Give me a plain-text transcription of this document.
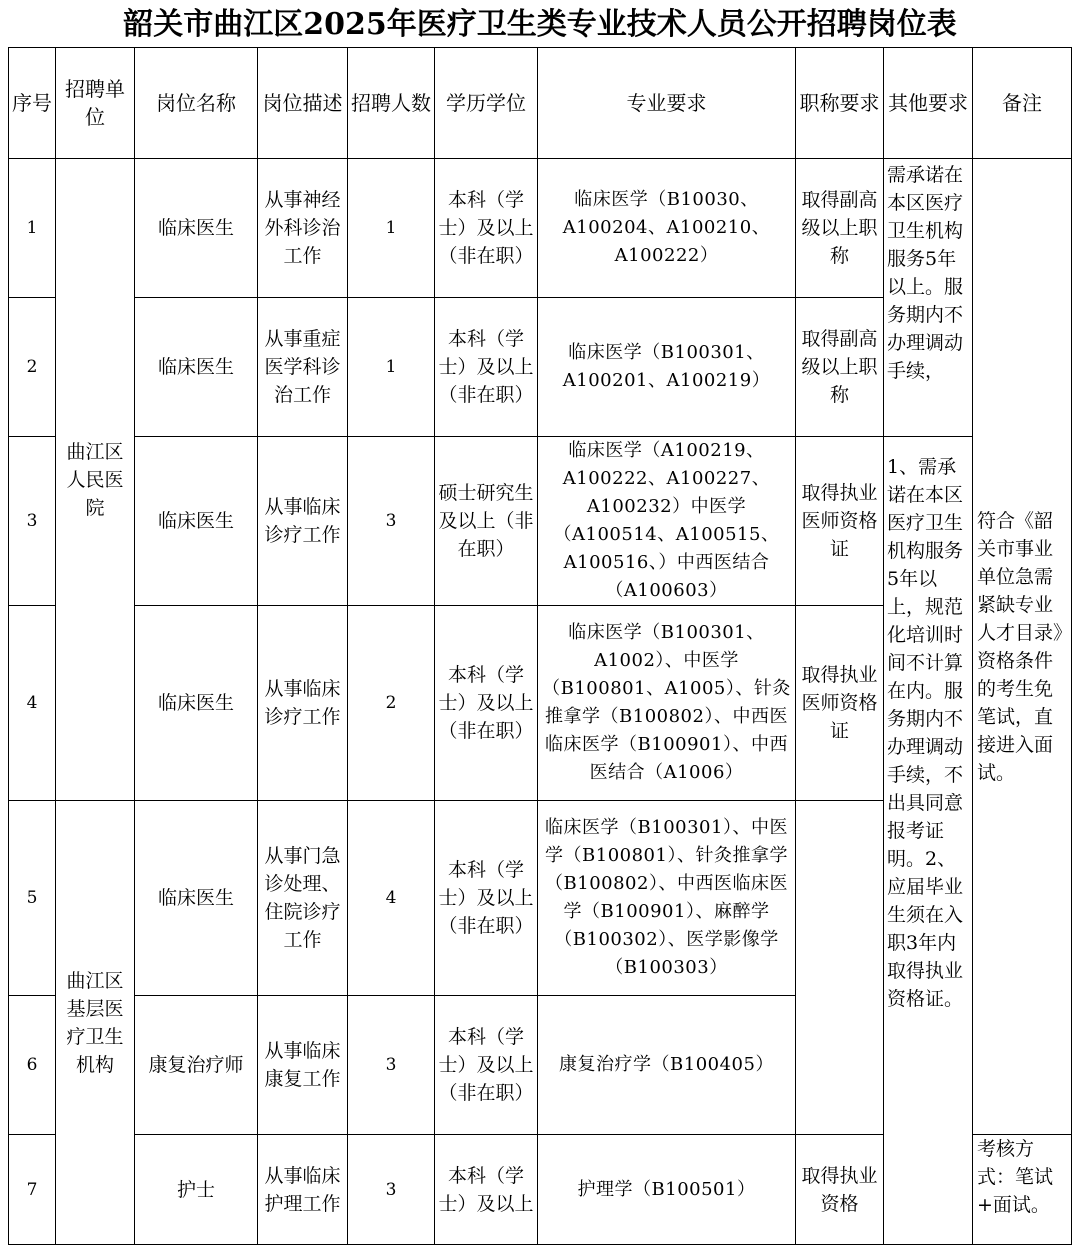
韶关市曲江区2025年医疗卫生类专业技术人员公开招聘岗位表
序号	招聘单位	岗位名称	岗位描述	招聘人数	学历学位	专业要求	职称要求	其他要求	备注
1	曲江区人民医院	临床医生	从事神经外科诊治工作	1	本科（学士）及以上（非在职）	临床医学（B10030、A100204、A100210、A100222）	取得副高级以上职称	需承诺在本区医疗卫生机构服务5年以上。服务期内不办理调动手续，	符合《韶关市事业单位急需紧缺专业人才目录》资格条件的考生免笔试，直接进入面试。
2		临床医生	从事重症医学科诊治工作	1	本科（学士）及以上（非在职）	临床医学（B100301、A100201、A100219）	取得副高级以上职称		
3		临床医生	从事临床诊疗工作	3	硕士研究生及以上（非在职）	临床医学（A100219、A100222、A100227、A100232）中医学（A100514、A100515、A100516、）中西医结合（A100603）	取得执业医师资格证	1、需承诺在本区医疗卫生机构服务5年以上，规范化培训时间不计算在内。服务期内不办理调动手续，不出具同意报考证明。2、应届毕业生须在入职3年内取得执业资格证。	
4		临床医生	从事临床诊疗工作	2	本科（学士）及以上（非在职）	临床医学（B100301、A1002）、中医学（B100801、A1005）、针灸推拿学（B100802）、中西医临床医学（B100901）、中西医结合（A1006）	取得执业医师资格证		
5	曲江区基层医疗卫生机构	临床医生	从事门急诊处理、住院诊疗工作	4	本科（学士）及以上（非在职）	临床医学（B100301）、中医学（B100801）、针灸推拿学（B100802）、中西医临床医学（B100901）、麻醉学（B100302）、医学影像学（B100303）			
6		康复治疗师	从事临床康复工作	3	本科（学士）及以上（非在职）	康复治疗学（B100405）			
7		护士	从事临床护理工作	3	本科（学士）及以上	护理学（B100501）	取得执业资格		考核方式：笔试+面试。
